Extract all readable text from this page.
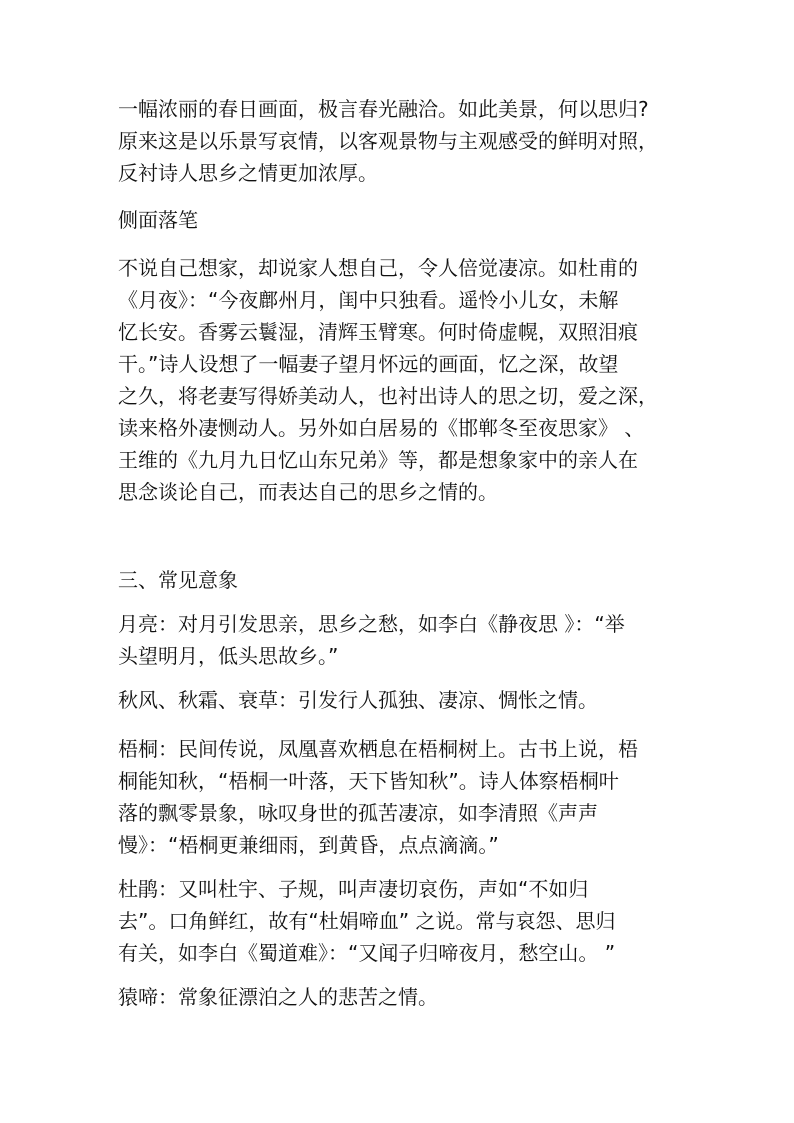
一幅浓丽的春日画面，极言春光融洽。如此美景，何以思归?
原来这是以乐景写哀情，以客观景物与主观感受的鲜明对照，
反衬诗人思乡之情更加浓厚。
侧面落笔
不说自己想家，却说家人想自己，令人倍觉凄凉。如杜甫的
《月夜》：“今夜鄜州月，闺中只独看。遥怜小儿女，未解
忆长安。香雾云鬟湿，清辉玉臂寒。何时倚虚幌，双照泪痕
干。”诗人设想了一幅妻子望月怀远的画面，忆之深，故望
之久，将老妻写得娇美动人，也衬出诗人的思之切，爱之深，
读来格外凄恻动人。另外如白居易的《邯郸冬至夜思家》 、
王维的《九月九日忆山东兄弟》等，都是想象家中的亲人在
思念谈论自己，而表达自己的思乡之情的。
三、常见意象
月亮：对月引发思亲，思乡之愁，如李白《静夜思 》：“举
头望明月，低头思故乡。”
秋风、秋霜、衰草：引发行人孤独、凄凉、惆怅之情。
梧桐：民间传说，凤凰喜欢栖息在梧桐树上。古书上说，梧
桐能知秋，“梧桐一叶落，天下皆知秋”。诗人体察梧桐叶
落的飘零景象，咏叹身世的孤苦凄凉，如李清照《声声
慢》：“梧桐更兼细雨，到黄昏，点点滴滴。”
杜鹃：又叫杜宇、子规，叫声凄切哀伤，声如“不如归
去”。口角鲜红，故有“杜娟啼血” 之说。常与哀怨、思归
有关，如李白《蜀道难》：“又闻子归啼夜月，愁空山。 ”
猿啼：常象征漂泊之人的悲苦之情。
